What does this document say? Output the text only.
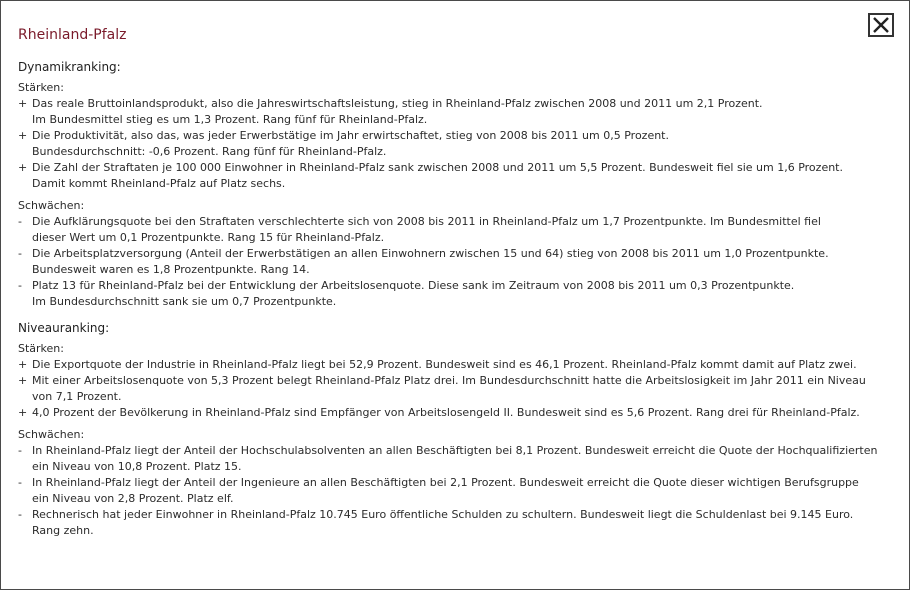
Rheinland-Pfalz
Dynamikranking:
Stärken:
+ Das reale Bruttoinlandsprodukt, also die Jahreswirtschaftsleistung, stieg in Rheinland-Pfalz zwischen 2008 und 2011 um 2,1 Prozent.
Im Bundesmittel stieg es um 1,3 Prozent. Rang fünf für Rheinland-Pfalz.
+ Die Produktivität, also das, was jeder Erwerbstätige im Jahr erwirtschaftet, stieg von 2008 bis 2011 um 0,5 Prozent.
Bundesdurchschnitt: -0,6 Prozent. Rang fünf für Rheinland-Pfalz.
+ Die Zahl der Straftaten je 100 000 Einwohner in Rheinland-Pfalz sank zwischen 2008 und 2011 um 5,5 Prozent. Bundesweit fiel sie um 1,6 Prozent.
Damit kommt Rheinland-Pfalz auf Platz sechs.
Schwächen:
- Die Aufklärungsquote bei den Straftaten verschlechterte sich von 2008 bis 2011 in Rheinland-Pfalz um 1,7 Prozentpunkte. Im Bundesmittel fiel
dieser Wert um 0,1 Prozentpunkte. Rang 15 für Rheinland-Pfalz.
- Die Arbeitsplatzversorgung (Anteil der Erwerbstätigen an allen Einwohnern zwischen 15 und 64) stieg von 2008 bis 2011 um 1,0 Prozentpunkte.
Bundesweit waren es 1,8 Prozentpunkte. Rang 14.
- Platz 13 für Rheinland-Pfalz bei der Entwicklung der Arbeitslosenquote. Diese sank im Zeitraum von 2008 bis 2011 um 0,3 Prozentpunkte.
Im Bundesdurchschnitt sank sie um 0,7 Prozentpunkte.
Niveauranking:
Stärken:
+ Die Exportquote der Industrie in Rheinland-Pfalz liegt bei 52,9 Prozent. Bundesweit sind es 46,1 Prozent. Rheinland-Pfalz kommt damit auf Platz zwei.
+ Mit einer Arbeitslosenquote von 5,3 Prozent belegt Rheinland-Pfalz Platz drei. Im Bundesdurchschnitt hatte die Arbeitslosigkeit im Jahr 2011 ein Niveau
von 7,1 Prozent.
+ 4,0 Prozent der Bevölkerung in Rheinland-Pfalz sind Empfänger von Arbeitslosengeld II. Bundesweit sind es 5,6 Prozent. Rang drei für Rheinland-Pfalz.
Schwächen:
- In Rheinland-Pfalz liegt der Anteil der Hochschulabsolventen an allen Beschäftigten bei 8,1 Prozent. Bundesweit erreicht die Quote der Hochqualifizierten
ein Niveau von 10,8 Prozent. Platz 15.
- In Rheinland-Pfalz liegt der Anteil der Ingenieure an allen Beschäftigten bei 2,1 Prozent. Bundesweit erreicht die Quote dieser wichtigen Berufsgruppe
ein Niveau von 2,8 Prozent. Platz elf.
- Rechnerisch hat jeder Einwohner in Rheinland-Pfalz 10.745 Euro öffentliche Schulden zu schultern. Bundesweit liegt die Schuldenlast bei 9.145 Euro.
Rang zehn.
